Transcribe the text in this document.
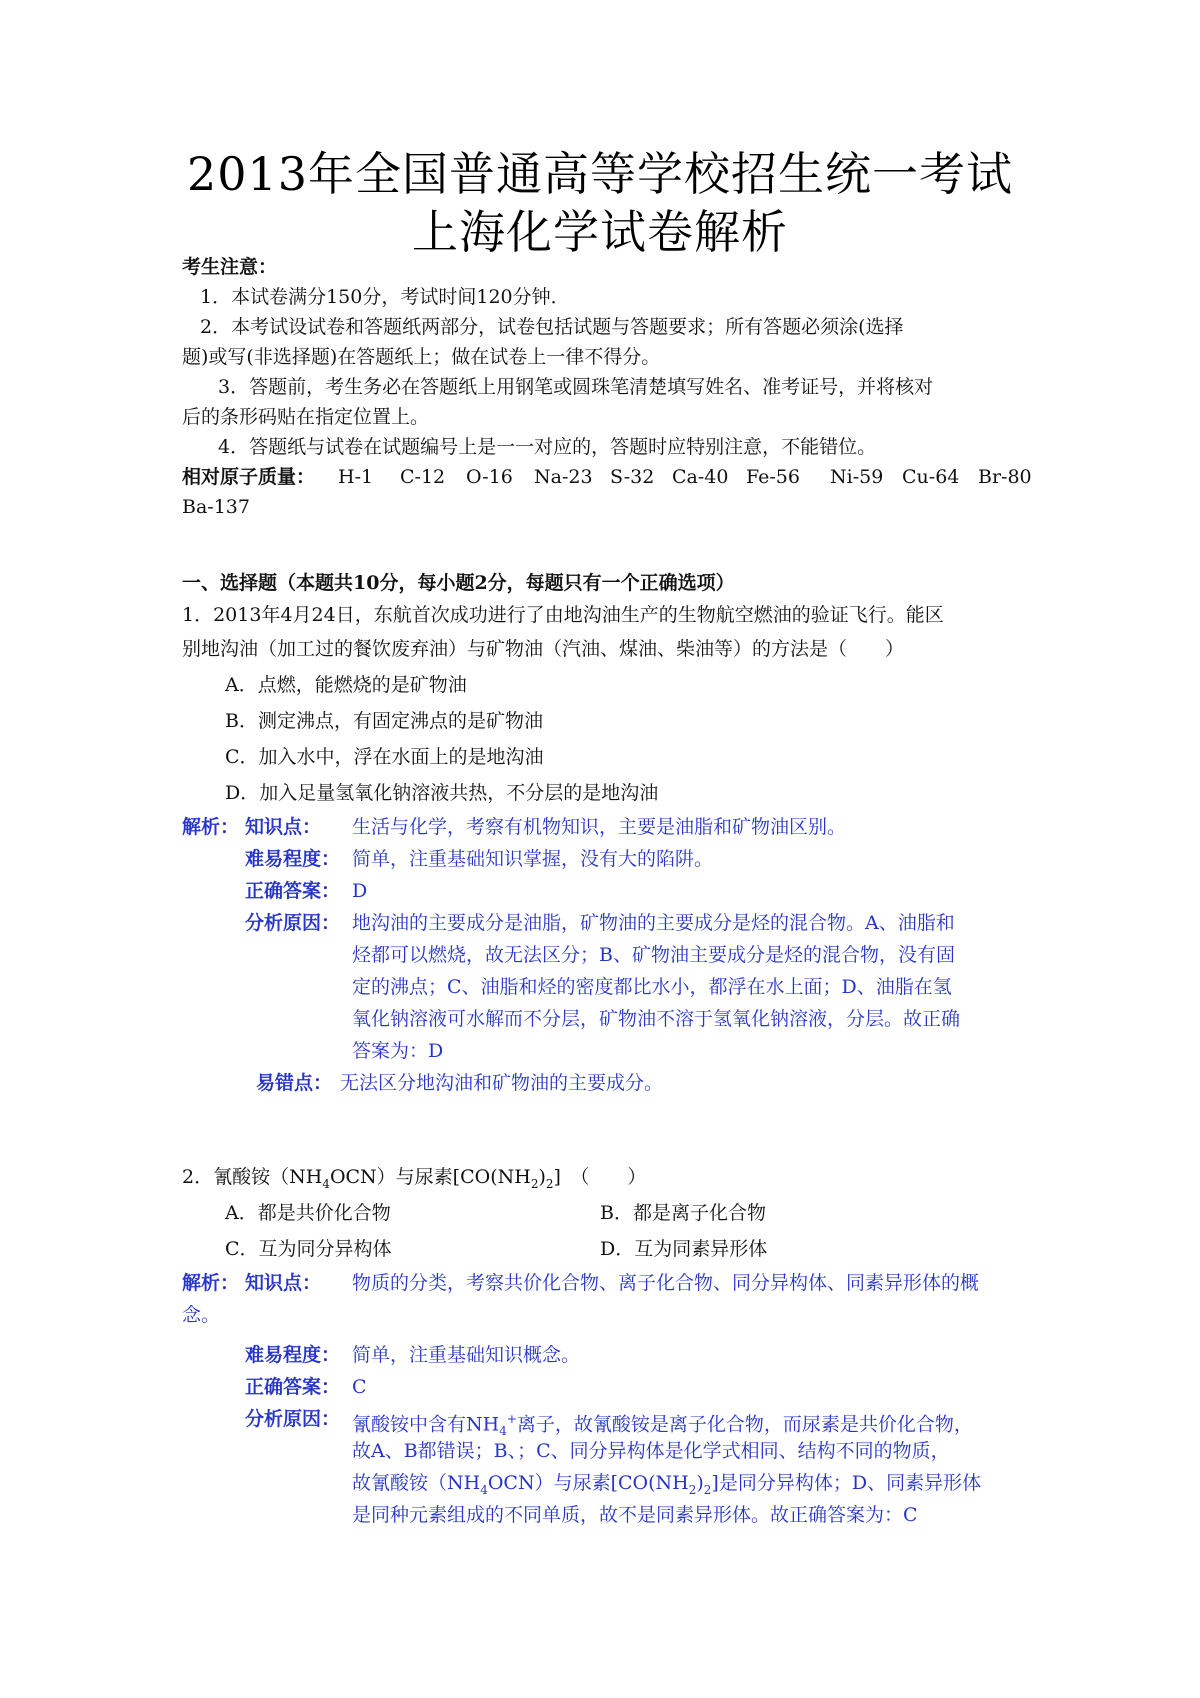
2013年全国普通高等学校招生统一考试
上海化学试卷解析
考生注意：
1．本试卷满分150分，考试时间120分钟．
2．本考试设试卷和答题纸两部分，试卷包括试题与答题要求；所有答题必须涂(选择
题)或写(非选择题)在答题纸上；做在试卷上一律不得分。
3．答题前，考生务必在答题纸上用钢笔或圆珠笔清楚填写姓名、准考证号，并将核对
后的条形码贴在指定位置上。
4．答题纸与试卷在试题编号上是一一对应的，答题时应特别注意，不能错位。
相对原子质量： H-1 C-12 O-16 Na-23 S-32 Ca-40 Fe-56 Ni-59 Cu-64 Br-80
Ba-137
一、选择题（本题共10分，每小题2分，每题只有一个正确选项）
1．2013年4月24日，东航首次成功进行了由地沟油生产的生物航空燃油的验证飞行。能区
别地沟油（加工过的餐饮废弃油）与矿物油（汽油、煤油、柴油等）的方法是（　　）
A．点燃，能燃烧的是矿物油
B．测定沸点，有固定沸点的是矿物油
C．加入水中，浮在水面上的是地沟油
D．加入足量氢氧化钠溶液共热，不分层的是地沟油
解析： 知识点： 生活与化学，考察有机物知识，主要是油脂和矿物油区别。
难易程度： 简单，注重基础知识掌握，没有大的陷阱。
正确答案： D
分析原因： 地沟油的主要成分是油脂，矿物油的主要成分是烃的混合物。A、油脂和
烃都可以燃烧，故无法区分；B、矿物油主要成分是烃的混合物，没有固
定的沸点；C、油脂和烃的密度都比水小，都浮在水上面；D、油脂在氢
氧化钠溶液可水解而不分层，矿物油不溶于氢氧化钠溶液，分层。故正确
答案为：D
易错点： 无法区分地沟油和矿物油的主要成分。
2．氰酸铵$(NH_4OCN)$与尿素$[CO(NH_2)_2]$　（　　）
A．都是共价化合物	B．都是离子化合物
C．互为同分异构体	D．互为同素异形体
解析： 知识点： 物质的分类，考察共价化合物、离子化合物、同分异构体、同素异形体的概
念。
难易程度： 简单，注重基础知识概念。
正确答案： C
分析原因： 氰酸铵中含有$NH_4^+$离子，故氰酸铵是离子化合物，而尿素是共价化合物，
故A、B都错误；B、；C、同分异构体是化学式相同、结构不同的物质，
故氰酸铵$(NH_4OCN)$与尿素$[CO(NH_2)_2]$是同分异构体；D、同素异形体
是同种元素组成的不同单质，故不是同素异形体。故正确答案为：C
